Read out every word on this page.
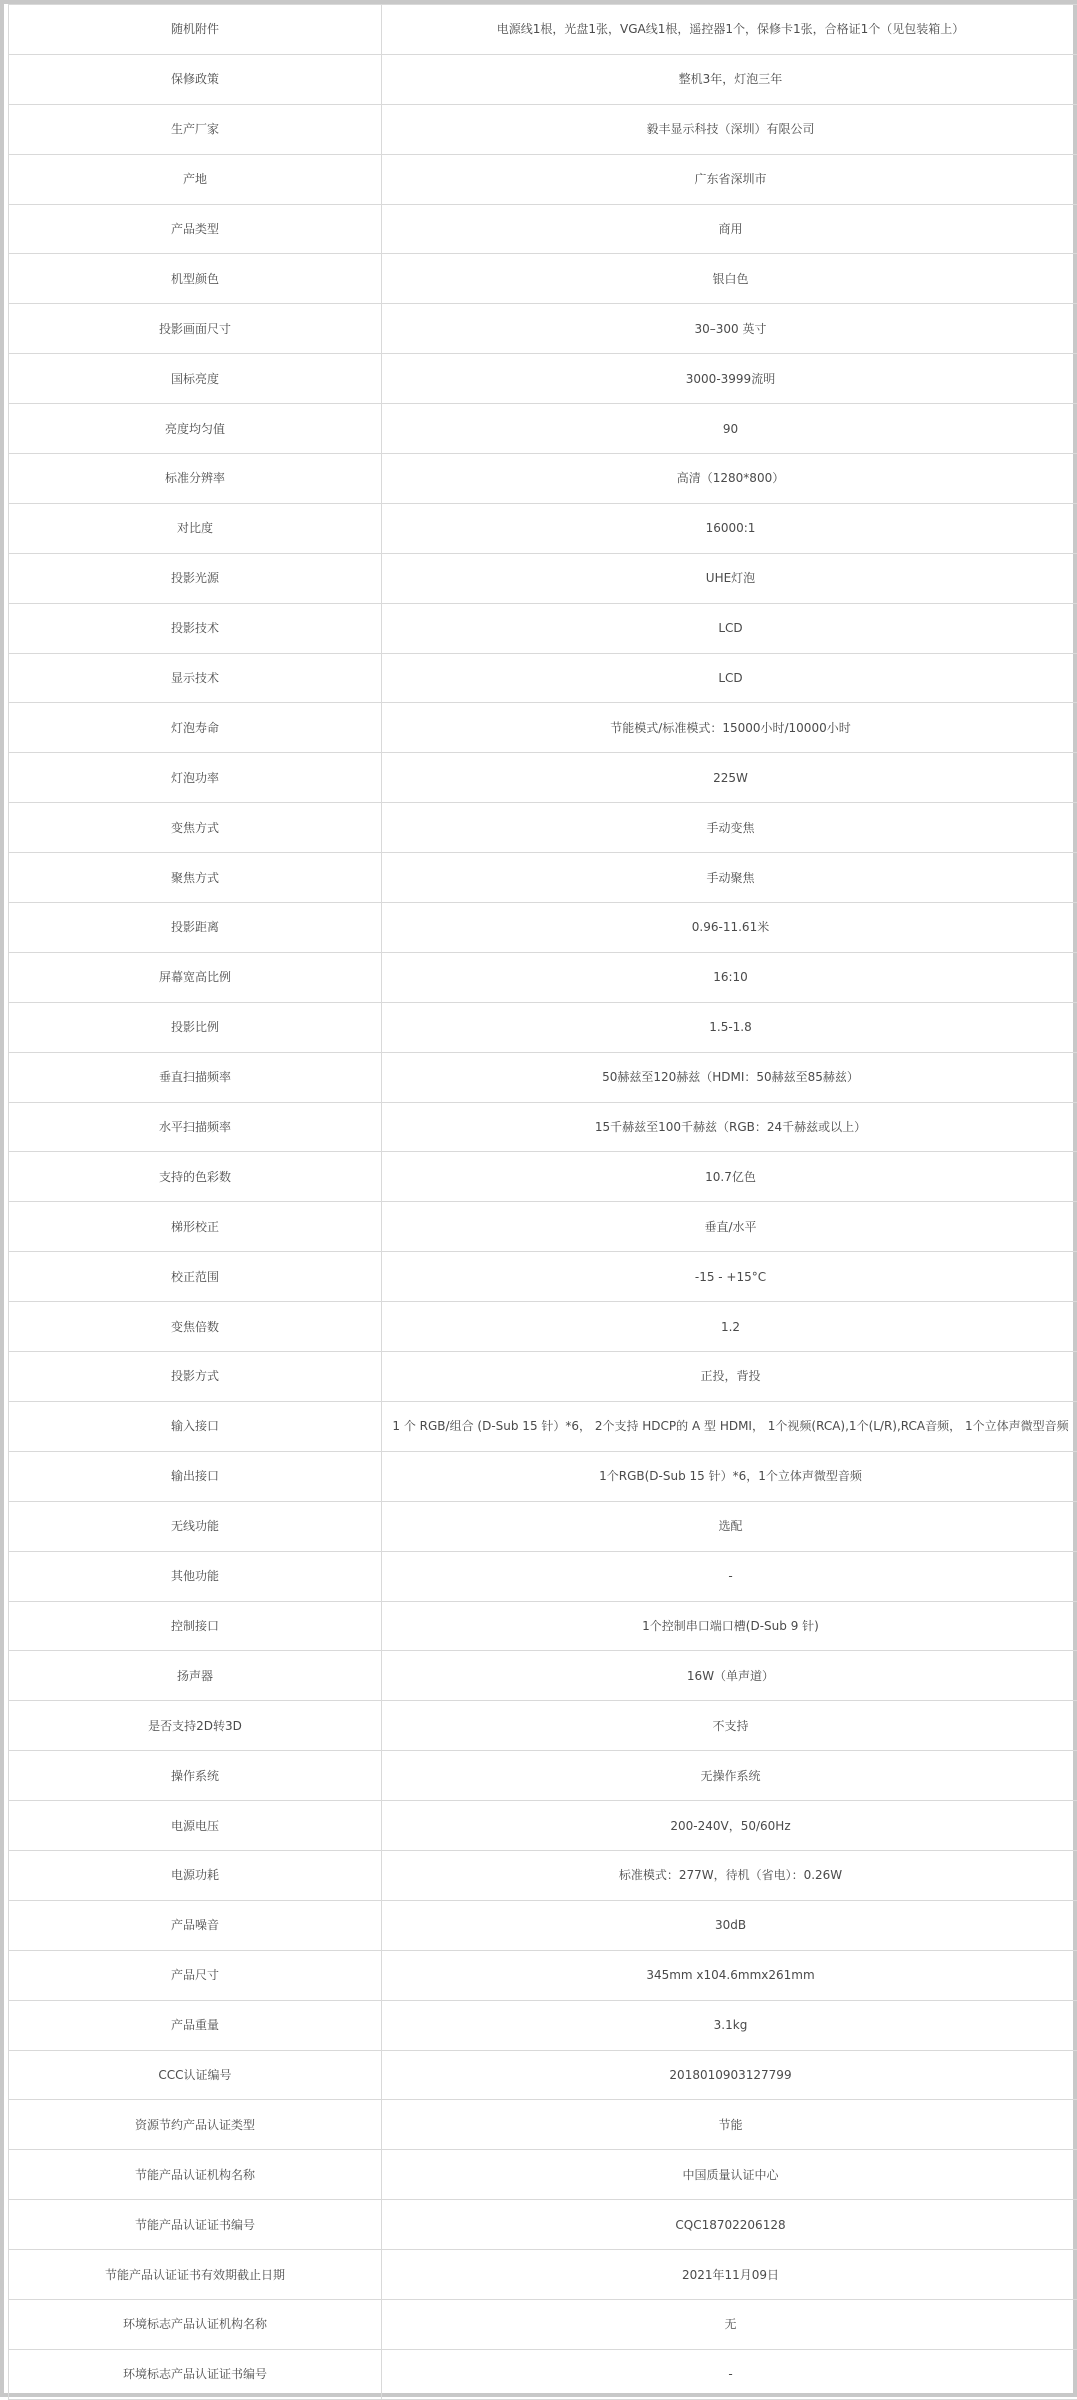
随机附件	电源线1根，光盘1张，VGA线1根，遥控器1个，保修卡1张，合格证1个（见包装箱上）
保修政策	整机3年，灯泡三年
生产厂家	毅丰显示科技（深圳）有限公司
产地	广东省深圳市
产品类型	商用
机型颜色	银白色
投影画面尺寸	30–300 英寸
国标亮度	3000-3999流明
亮度均匀值	90
标准分辨率	高清（1280*800）
对比度	16000:1
投影光源	UHE灯泡
投影技术	LCD
显示技术	LCD
灯泡寿命	节能模式/标准模式：15000小时/10000小时
灯泡功率	225W
变焦方式	手动变焦
聚焦方式	手动聚焦
投影距离	0.96-11.61米
屏幕宽高比例	16:10
投影比例	1.5-1.8
垂直扫描频率	50赫兹至120赫兹（HDMI：50赫兹至85赫兹）
水平扫描频率	15千赫兹至100千赫兹（RGB：24千赫兹或以上）
支持的色彩数	10.7亿色
梯形校正	垂直/水平
校正范围	-15 - +15°C
变焦倍数	1.2
投影方式	正投，背投
输入接口	1 个 RGB/组合 (D-Sub 15 针）*6， 2个支持 HDCP的 A 型 HDMI， 1个视频(RCA),1个(L/R),RCA音频， 1个立体声微型音频
输出接口	1个RGB(D-Sub 15 针）*6，1个立体声微型音频
无线功能	选配
其他功能	-
控制接口	1个控制串口端口槽(D-Sub 9 针)
扬声器	16W（单声道）
是否支持2D转3D	不支持
操作系统	无操作系统
电源电压	200-240V，50/60Hz
电源功耗	标准模式：277W，待机（省电）：0.26W
产品噪音	30dB
产品尺寸	345mm x104.6mmx261mm
产品重量	3.1kg
CCC认证编号	2018010903127799
资源节约产品认证类型	节能
节能产品认证机构名称	中国质量认证中心
节能产品认证证书编号	CQC18702206128
节能产品认证证书有效期截止日期	2021年11月09日
环境标志产品认证机构名称	无
环境标志产品认证证书编号	-
